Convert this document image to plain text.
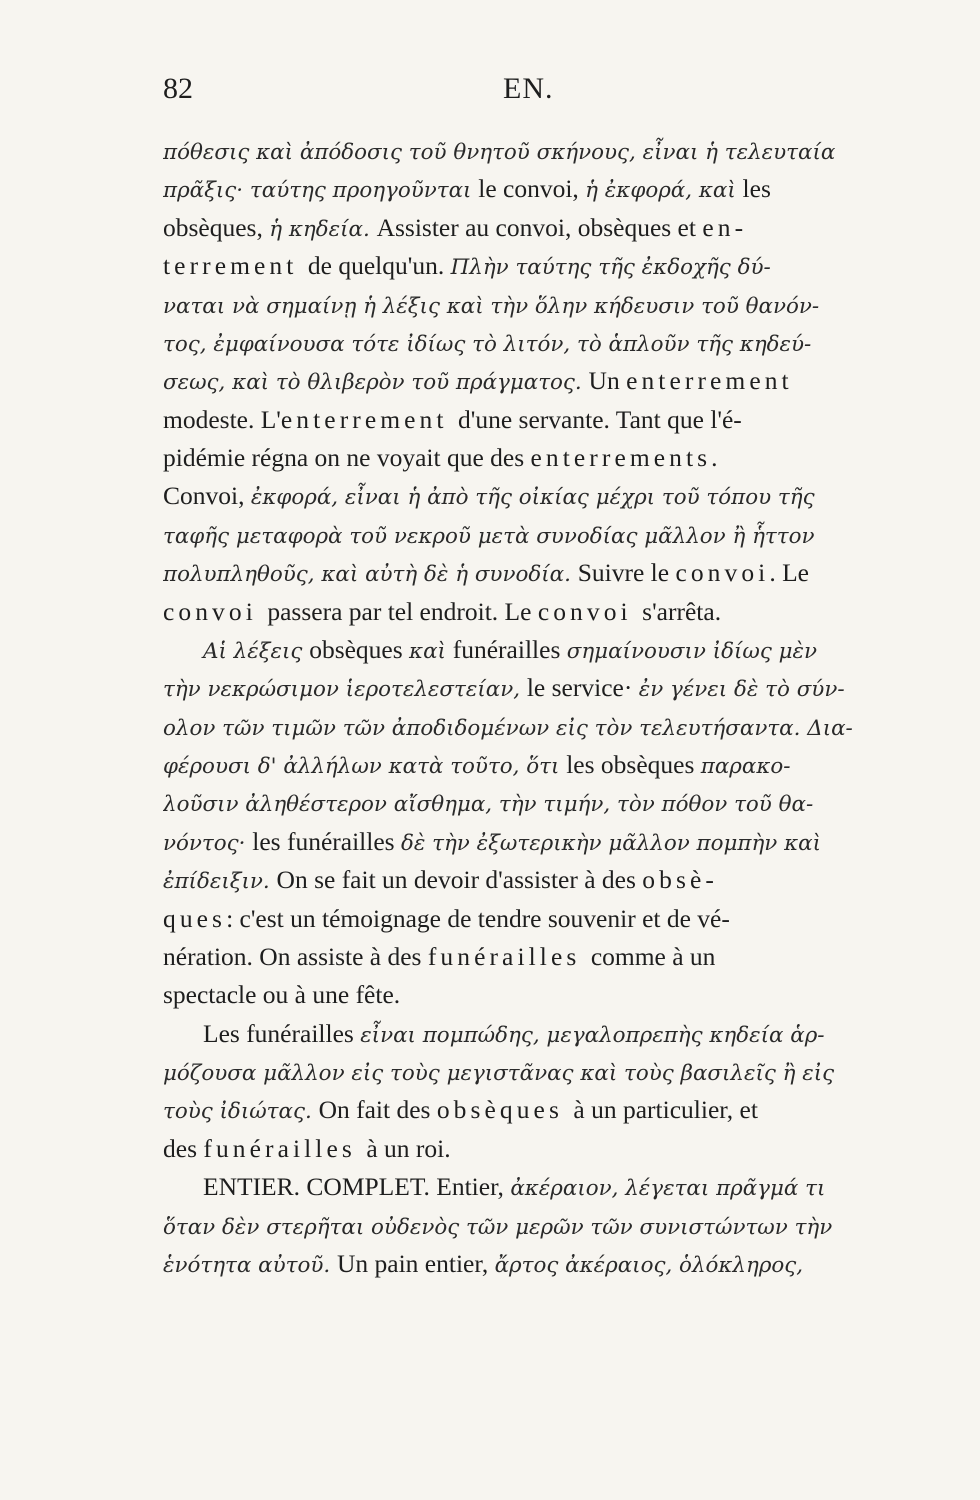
82	EN.
πόθεσις καὶ ἀπόδοσις τοῦ θνητοῦ σκήνους, εἶναι ἡ τελευταία
πρᾶξις· ταύτης προηγοῦνται le convoi, ἡ ἐκφορά, καὶ les
obsèques, ἡ κηδεία. Assister au convoi, obsèques et en-
terrement de quelqu'un. Πλὴν ταύτης τῆς ἐκδοχῆς δύ-
ναται νὰ σημαίνῃ ἡ λέξις καὶ τὴν ὅλην κήδευσιν τοῦ θανόν-
τος, ἐμφαίνουσα τότε ἰδίως τὸ λιτόν, τὸ ἁπλοῦν τῆς κηδεύ-
σεως, καὶ τὸ θλιβερὸν τοῦ πράγματος. Un enterrement
modeste. L'enterrement d'une servante. Tant que l'é-
pidémie régna on ne voyait que des enterrements.
Convoi, ἐκφορά, εἶναι ἡ ἀπὸ τῆς οἰκίας μέχρι τοῦ τόπου τῆς
ταφῆς μεταφορὰ τοῦ νεκροῦ μετὰ συνοδίας μᾶλλον ἢ ἧττον
πολυπληθοῦς, καὶ αὐτὴ δὲ ἡ συνοδία. Suivre le convoi. Le
convoi passera par tel endroit. Le convoi s'arrêta.
Αἱ λέξεις obsèques καὶ funérailles σημαίνουσιν ἰδίως μὲν
τὴν νεκρώσιμον ἱεροτελεστείαν, le service· ἐν γένει δὲ τὸ σύν-
ολον τῶν τιμῶν τῶν ἀποδιδομένων εἰς τὸν τελευτήσαντα. Δια-
φέρουσι δ' ἀλλήλων κατὰ τοῦτο, ὅτι les obsèques παρακο-
λοῦσιν ἀληθέστερον αἴσθημα, τὴν τιμήν, τὸν πόθον τοῦ θα-
νόντος· les funérailles δὲ τὴν ἐξωτερικὴν μᾶλλον πομπὴν καὶ
ἐπίδειξιν. On se fait un devoir d'assister à des obsè-
ques: c'est un témoignage de tendre souvenir et de vé-
nération. On assiste à des funérailles comme à un
spectacle ou à une fête.
Les funérailles εἶναι πομπώδης, μεγαλοπρεπὴς κηδεία ἁρ-
μόζουσα μᾶλλον εἰς τοὺς μεγιστᾶνας καὶ τοὺς βασιλεῖς ἢ εἰς
τοὺς ἰδιώτας. On fait des obsèques à un particulier, et
des funérailles à un roi.
ENTIER. COMPLET. Entier, ἀκέραιον, λέγεται πρᾶγμά τι
ὅταν δὲν στερῆται οὐδενὸς τῶν μερῶν τῶν συνιστώντων τὴν
ἑνότητα αὐτοῦ. Un pain entier, ἄρτος ἀκέραιος, ὁλόκληρος,
